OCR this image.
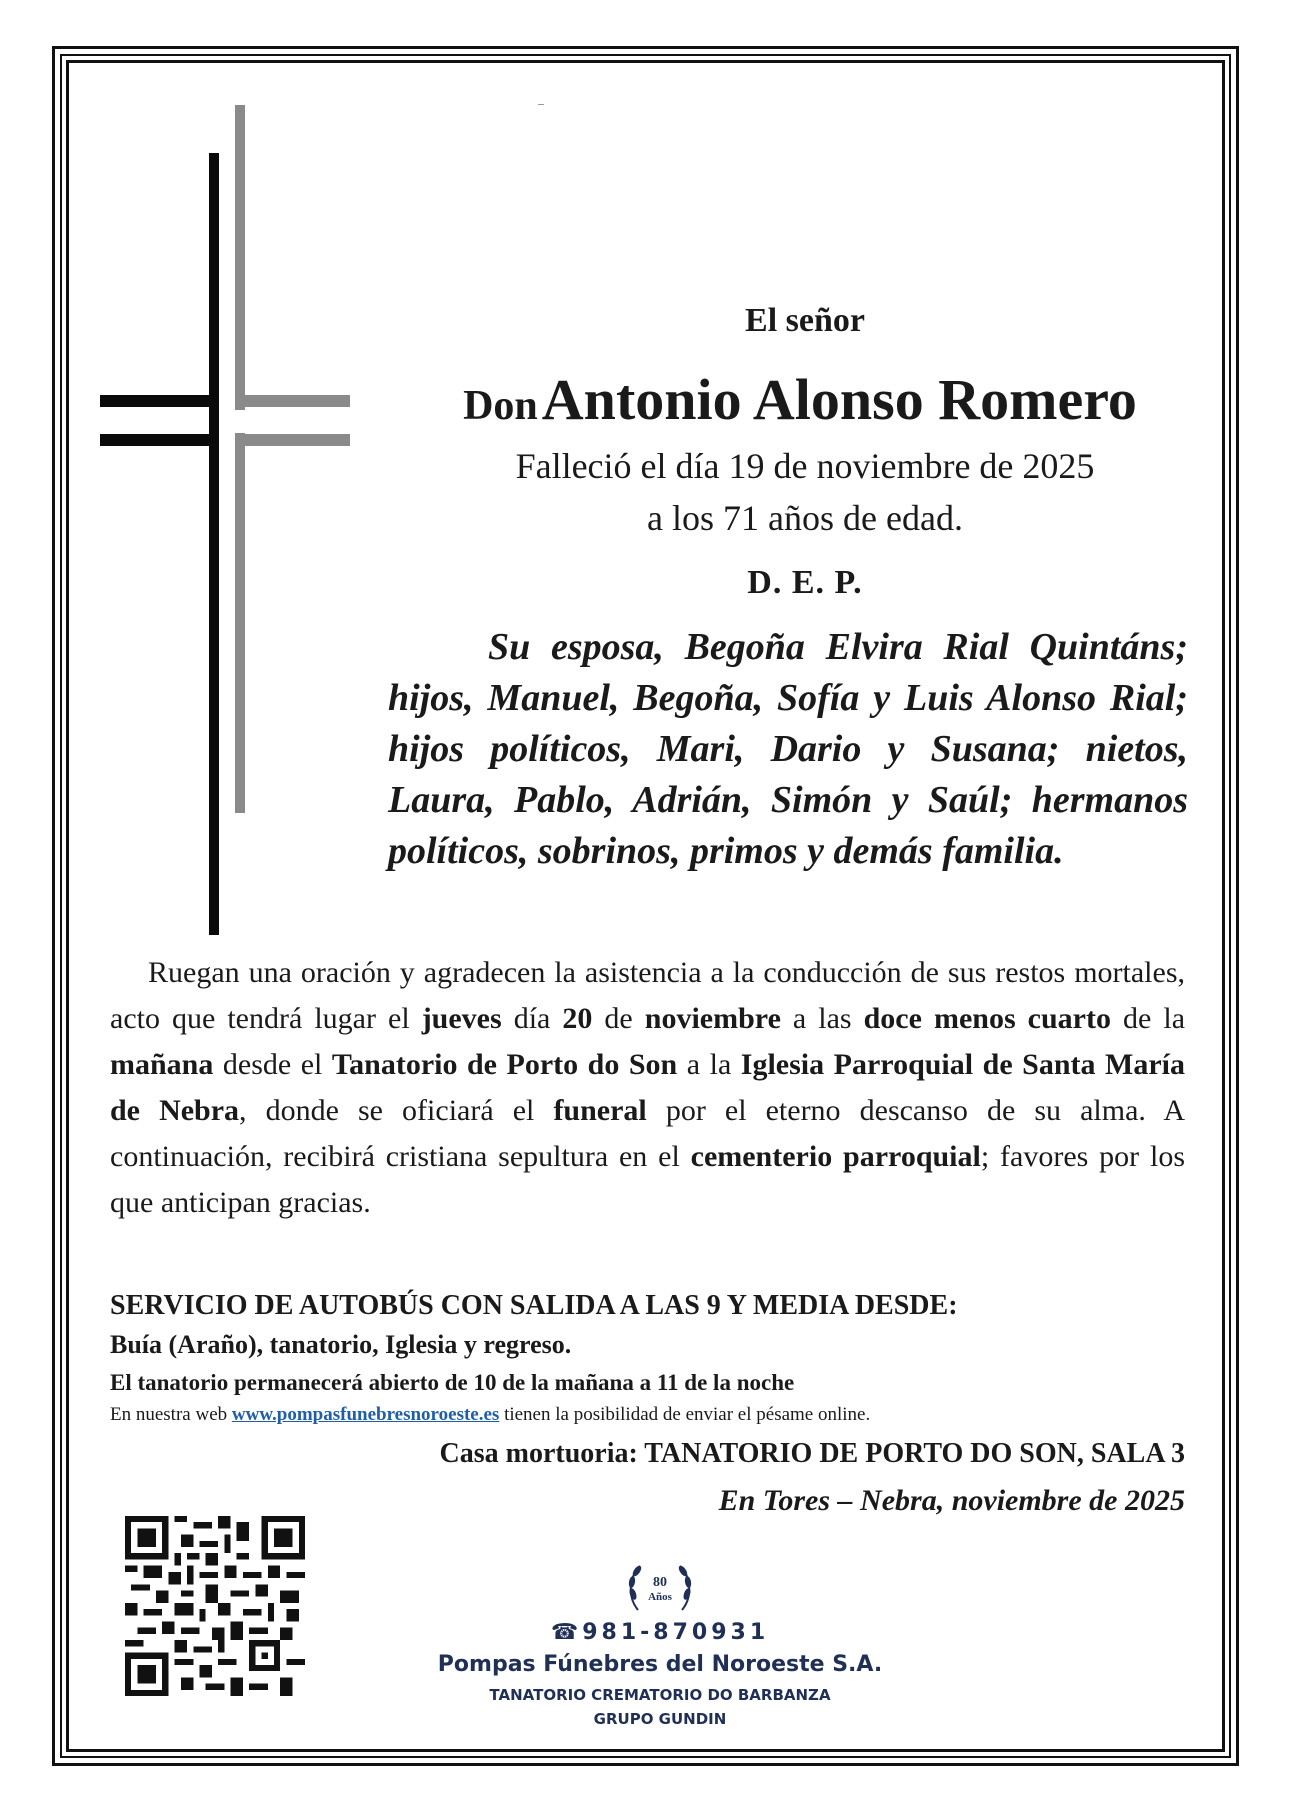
El señor
Don Antonio Alonso Romero
Falleció el día 19 de noviembre de 2025
a los 71 años de edad.
D. E. P.
Su esposa, Begoña Elvira Rial Quintáns; hijos, Manuel, Begoña, Sofía y Luis Alonso Rial; hijos políticos, Mari, Dario y Susana; nietos, Laura, Pablo, Adrián, Simón y Saúl; hermanos políticos, sobrinos, primos y demás familia.
Ruegan una oración y agradecen la asistencia a la conducción de sus restos mortales, acto que tendrá lugar el jueves día 20 de noviembre a las doce menos cuarto de la mañana desde el Tanatorio de Porto do Son a la Iglesia Parroquial de Santa María de Nebra, donde se oficiará el funeral por el eterno descanso de su alma. A continuación, recibirá cristiana sepultura en el cementerio parroquial; favores por los que anticipan gracias.
SERVICIO DE AUTOBÚS CON SALIDA A LAS 9 Y MEDIA DESDE:
Buía (Araño), tanatorio, Iglesia y regreso.
El tanatorio permanecerá abierto de 10 de la mañana a 11 de la noche
En nuestra web www.pompasfunebresnoroeste.es tienen la posibilidad de enviar el pésame online.
Casa mortuoria: TANATORIO DE PORTO DO SON, SALA 3
En Tores – Nebra, noviembre de 2025
80
Años
☎981-870931
Pompas Fúnebres del Noroeste S.A.
TANATORIO CREMATORIO DO BARBANZA
GRUPO GUNDIN
